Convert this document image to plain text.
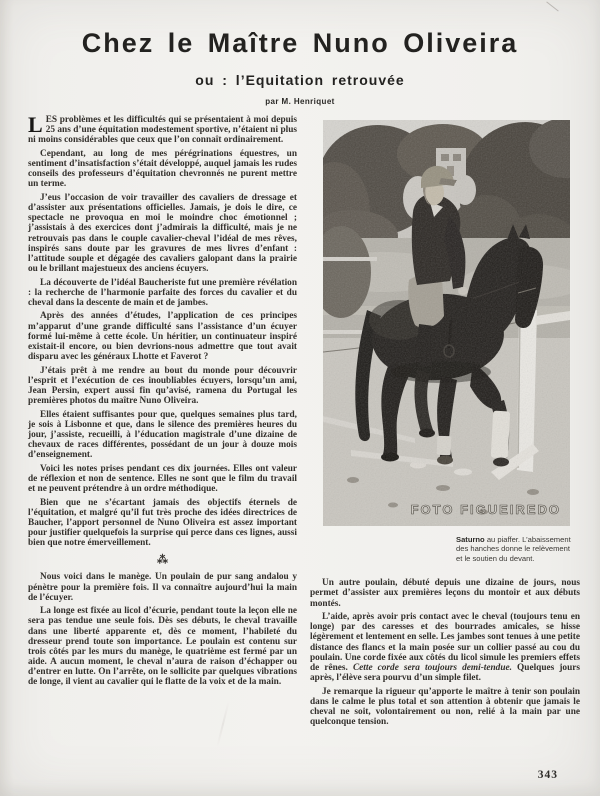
Chez le Maître Nuno Oliveira
ou : l’Equitation retrouvée
par M. Henriquet

LES problèmes et les difficultés qui se présentaient à moi depuis 25 ans d’une équitation modestement sportive, n’étaient ni plus ni moins considérables que ceux que l’on connaît ordinairement.

Cependant, au long de mes pérégrinations équestres, un sentiment d’insatisfaction s’était développé, auquel jamais les rudes conseils des professeurs d’équitation chevronnés ne purent mettre un terme.

J’eus l’occasion de voir travailler des cavaliers de dressage et d’assister aux présentations officielles. Jamais, je dois le dire, ce spectacle ne provoqua en moi le moindre choc émotionnel ; j’assistais à des exercices dont j’admirais la difficulté, mais je ne retrouvais pas dans le couple cavalier-cheval l’idéal de mes rêves, inspirés sans doute par les gravures de mes livres d’enfant : l’attitude souple et dégagée des cavaliers galopant dans la prairie ou le brillant majestueux des anciens écuyers.

La découverte de l’idéal Baucheriste fut une première révélation : la recherche de l’harmonie parfaite des forces du cavalier et du cheval dans la descente de main et de jambes.

Après des années d’études, l’application de ces principes m’apparut d’une grande difficulté sans l’assistance d’un écuyer formé lui-même à cette école. Un héritier, un continuateur inspiré existait-il encore, ou bien devrions-nous admettre que tout avait disparu avec les généraux Lhotte et Faverot ?

J’étais prêt à me rendre au bout du monde pour découvrir l’esprit et l’exécution de ces inoubliables écuyers, lorsqu’un ami, Jean Persin, expert aussi fin qu’avisé, ramena du Portugal les premières photos du maître Nuno Oliveira.

Elles étaient suffisantes pour que, quelques semaines plus tard, je sois à Lisbonne et que, dans le silence des premières heures du jour, j’assiste, recueilli, à l’éducation magistrale d’une dizaine de chevaux de races différentes, possédant de un jour à douze mois d’enseignement.

Voici les notes prises pendant ces dix journées. Elles ont valeur de réflexion et non de sentence. Elles ne sont que le film du travail et ne peuvent prétendre à un ordre méthodique.

Bien que ne s’écartant jamais des objectifs éternels de l’équitation, et malgré qu’il fut très proche des idées directrices de Baucher, l’apport personnel de Nuno Oliveira est assez important pour justifier quelquefois la surprise qui perce dans ces lignes, aussi bien que notre émerveillement.

⁂

Nous voici dans le manège. Un poulain de pur sang andalou y pénètre pour la première fois. Il va connaître aujourd’hui la main de l’écuyer.

La longe est fixée au licol d’écurie, pendant toute la leçon elle ne sera pas tendue une seule fois. Dès ses débuts, le cheval travaille dans une liberté apparente et, dès ce moment, l’habileté du dresseur prend toute son importance. Le poulain est contenu sur trois côtés par les murs du manège, le quatrième est fermé par un aide. A aucun moment, le cheval n’aura de raison d’échapper ou d’entrer en lutte. On l’arrête, on le sollicite par quelques vibrations de longe, il vient au cavalier qui le flatte de la voix et de la main.

FOTO FIGUEIREDO
Saturno au piaffer. L’abaissement des hanches donne le relèvement et le soutien du devant.

Un autre poulain, débuté depuis une dizaine de jours, nous permet d’assister aux premières leçons du montoir et aux débuts montés.

L’aide, après avoir pris contact avec le cheval (toujours tenu en longe) par des caresses et des bourrades amicales, se hisse légèrement et lentement en selle. Les jambes sont tenues à une petite distance des flancs et la main posée sur un collier passé au cou du poulain. Une corde fixée aux côtés du licol simule les premiers effets de rênes. Cette corde sera toujours demi-tendue. Quelques jours après, l’élève sera pourvu d’un simple filet.

Je remarque la rigueur qu’apporte le maître à tenir son poulain dans le calme le plus total et son attention à obtenir que jamais le cheval ne soit, volontairement ou non, relié à la main par une quelconque tension.

343
